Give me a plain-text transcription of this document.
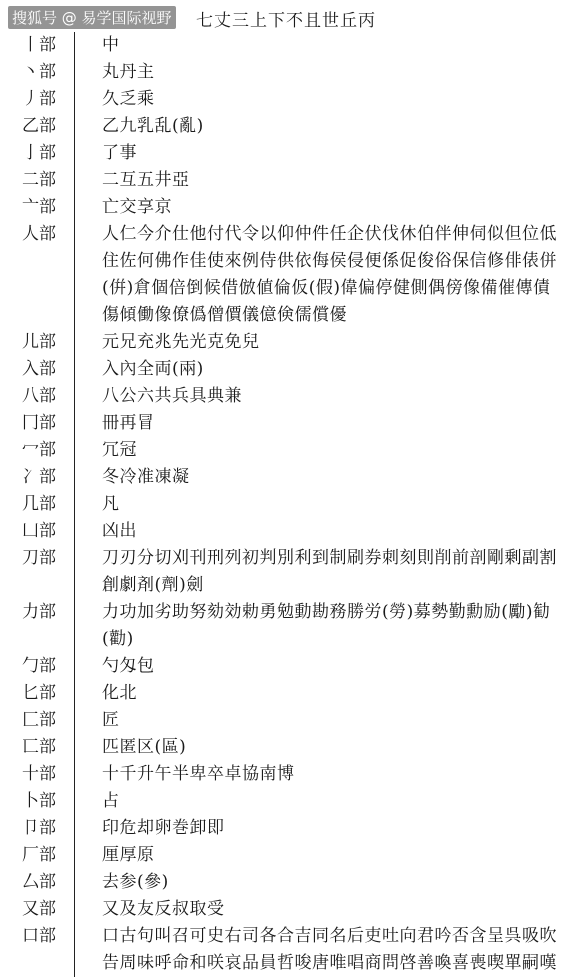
搜狐号 @ 易学国际视野 七丈三上下不且世丘丙
丨部	中
丶部	丸丹主
丿部	久乏乘
乙部	乙九乳乱(亂)
亅部	了事
二部	二互五井亞
亠部	亡交享京
人部	人仁今介仕他付代令以仰仲件任企伏伐休伯伴伸伺似但位低住佐何佛作佳使來例侍供依侮侯侵便係促俊俗保信修俳俵併(倂)倉個倍倒候借倣値倫仮(假)偉偏停健側偶傍像備催傳債傷傾働像僚僞僧價儀億倹儒償優
儿部	元兄充兆先光克免兒
入部	入內全両(兩)
八部	八公六共兵具典兼
冂部	冊再冒
冖部	冗冠
冫部	冬冷准凍凝
几部	凡
凵部	凶出
刀部	刀刃分切刈刊刑列初判別利到制刷券刺刻則削前剖剛剰副割創劇剤(劑)劍
力部	力功加劣助努劾効勅勇勉動勘務勝労(勞)募勢勤勳励(勵)勧(勸)
勹部	勺匁包
匕部	化北
匚部	匠
匸部	匹匿区(區)
十部	十千升午半卑卒卓協南博
卜部	占
卩部	印危却卵巻卸即
厂部	厘厚原
厶部	去参(參)
又部	又及友反叔取受
口部	口古句叫召可史右司各合吉同名后吏吐向君吟否含呈呉吸吹告周味呼命和咲哀品員哲唆唐唯唱商問啓善喚喜喪喫單嗣嘆
